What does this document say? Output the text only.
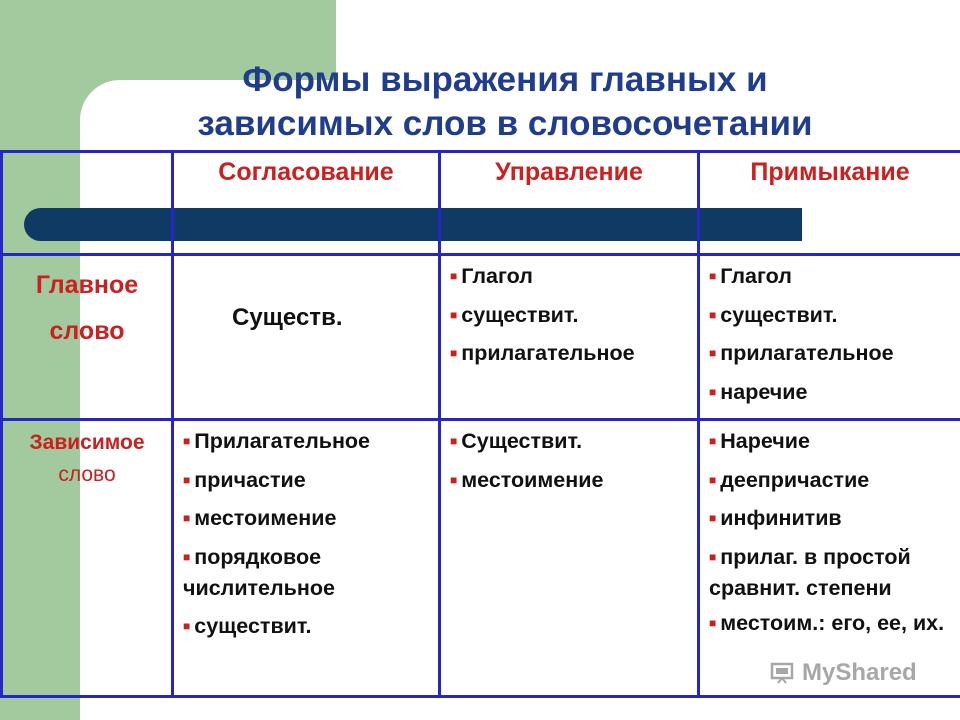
Формы выражения главных и
зависимых слов в словосочетании
Согласование	Управление	Примыкание
Главное
слово
Зависимое
слово
Существ.
■ Глагол
■ существит.
■ прилагательное
■ Глагол
■ существит.
■ прилагательное
■ наречие
■ Прилагательное
■ причастие
■ местоимение
■ порядковое числительное
■ существит.
■ Существит.
■ местоимение
■ Наречие
■ деепричастие
■ инфинитив
■ прилаг. в простой сравнит. степени
■ местоим.: его, ее, их.
MyShared
